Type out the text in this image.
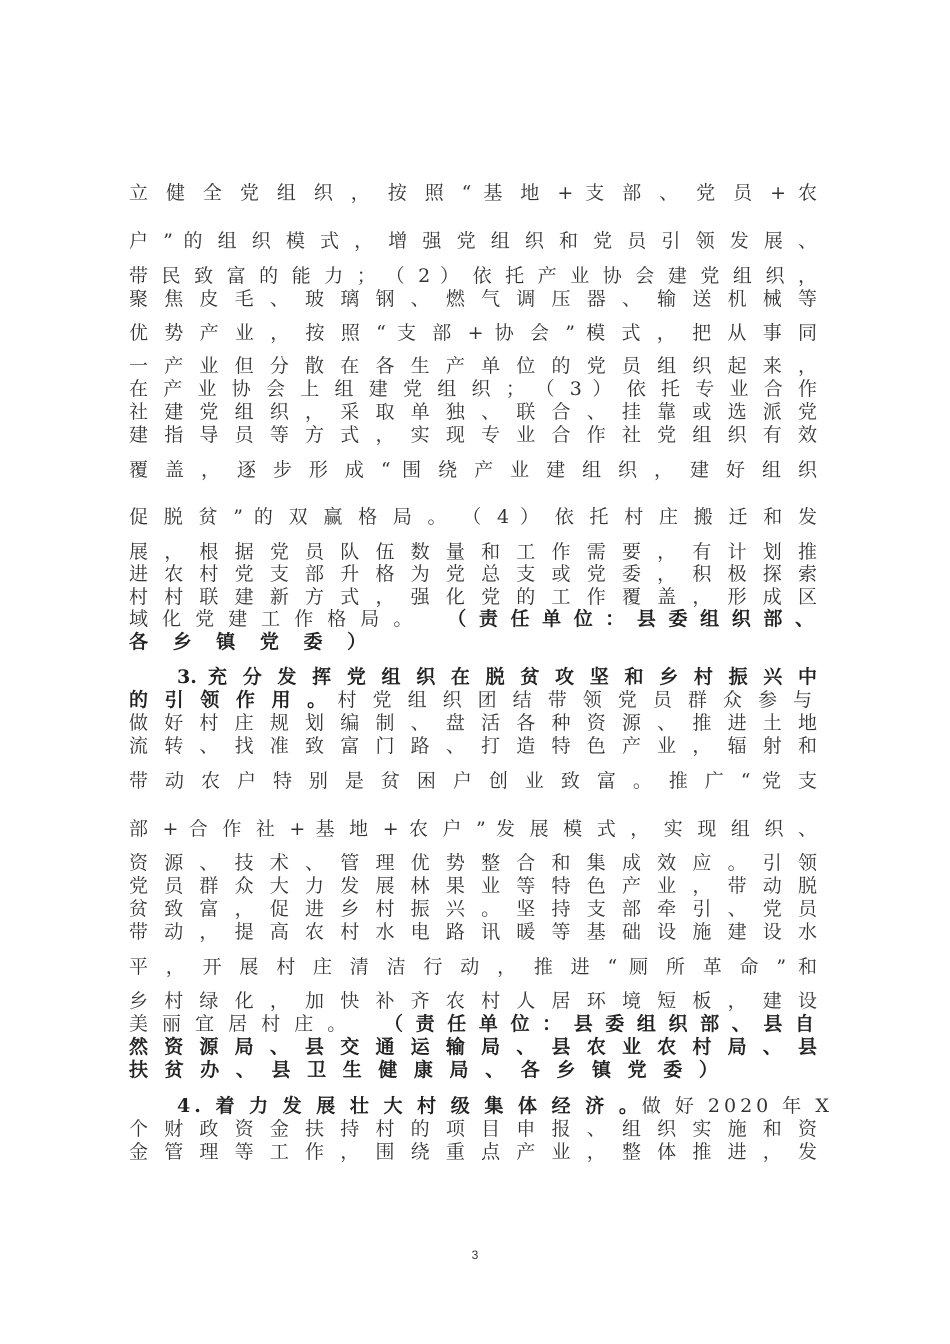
立 健 全 党 组 织 ， 按 照 “ 基 地 + 支 部 、 党 员 + 农
户 ” 的 组 织 模 式 ， 增 强 党 组 织 和 党 员 引 领 发 展 、
带 民 致 富 的 能 力 ； （ 2 ） 依 托 产 业 协 会 建 党 组 织 ，
聚 焦 皮 毛 、 玻 璃 钢 、 燃 气 调 压 器 、 输 送 机 械 等
优 势 产 业 ， 按 照 “ 支 部 + 协 会 ” 模 式 ， 把 从 事 同
一 产 业 但 分 散 在 各 生 产 单 位 的 党 员 组 织 起 来 ，
在 产 业 协 会 上 组 建 党 组 织 ； （ 3 ） 依 托 专 业 合 作
社 建 党 组 织 ， 采 取 单 独 、 联 合 、 挂 靠 或 选 派 党
建 指 导 员 等 方 式 ， 实 现 专 业 合 作 社 党 组 织 有 效
覆 盖 ， 逐 步 形 成 “ 围 绕 产 业 建 组 织 ， 建 好 组 织
促 脱 贫 ” 的 双 赢 格 局 。 （ 4 ） 依 托 村 庄 搬 迁 和 发
展 ， 根 据 党 员 队 伍 数 量 和 工 作 需 要 ， 有 计 划 推
进 农 村 党 支 部 升 格 为 党 总 支 或 党 委 ， 积 极 探 索
村 村 联 建 新 方 式 ， 强 化 党 的 工 作 覆 盖 ， 形 成 区
域 化 党 建 工 作 格 局 。 （ 责 任 单 位 ： 县 委 组 织 部 、
各 乡 镇 党 委 ）
3. 充 分 发 挥 党 组 织 在 脱 贫 攻 坚 和 乡 村 振 兴 中
的 引 领 作 用 。 村 党 组 织 团 结 带 领 党 员 群 众 参 与
做 好 村 庄 规 划 编 制 、 盘 活 各 种 资 源 、 推 进 土 地
流 转 、 找 准 致 富 门 路 、 打 造 特 色 产 业 ， 辐 射 和
带 动 农 户 特 别 是 贫 困 户 创 业 致 富 。 推 广 “ 党 支
部 + 合 作 社 + 基 地 + 农 户 ” 发 展 模 式 ， 实 现 组 织 、
资 源 、 技 术 、 管 理 优 势 整 合 和 集 成 效 应 。 引 领
党 员 群 众 大 力 发 展 林 果 业 等 特 色 产 业 ， 带 动 脱
贫 致 富 ， 促 进 乡 村 振 兴 。 坚 持 支 部 牵 引 、 党 员
带 动 ， 提 高 农 村 水 电 路 讯 暖 等 基 础 设 施 建 设 水
平 ， 开 展 村 庄 清 洁 行 动 ， 推 进 “ 厕 所 革 命 ” 和
乡 村 绿 化 ， 加 快 补 齐 农 村 人 居 环 境 短 板 ， 建 设
美 丽 宜 居 村 庄 。 （ 责 任 单 位 ： 县 委 组 织 部 、 县 自
然 资 源 局 、 县 交 通 运 输 局 、 县 农 业 农 村 局 、 县
扶 贫 办 、 县 卫 生 健 康 局 、 各 乡 镇 党 委 ）
4. 着 力 发 展 壮 大 村 级 集 体 经 济 。 做 好 2020 年 X
个 财 政 资 金 扶 持 村 的 项 目 申 报 、 组 织 实 施 和 资
金 管 理 等 工 作 ， 围 绕 重 点 产 业 ， 整 体 推 进 ， 发
3
